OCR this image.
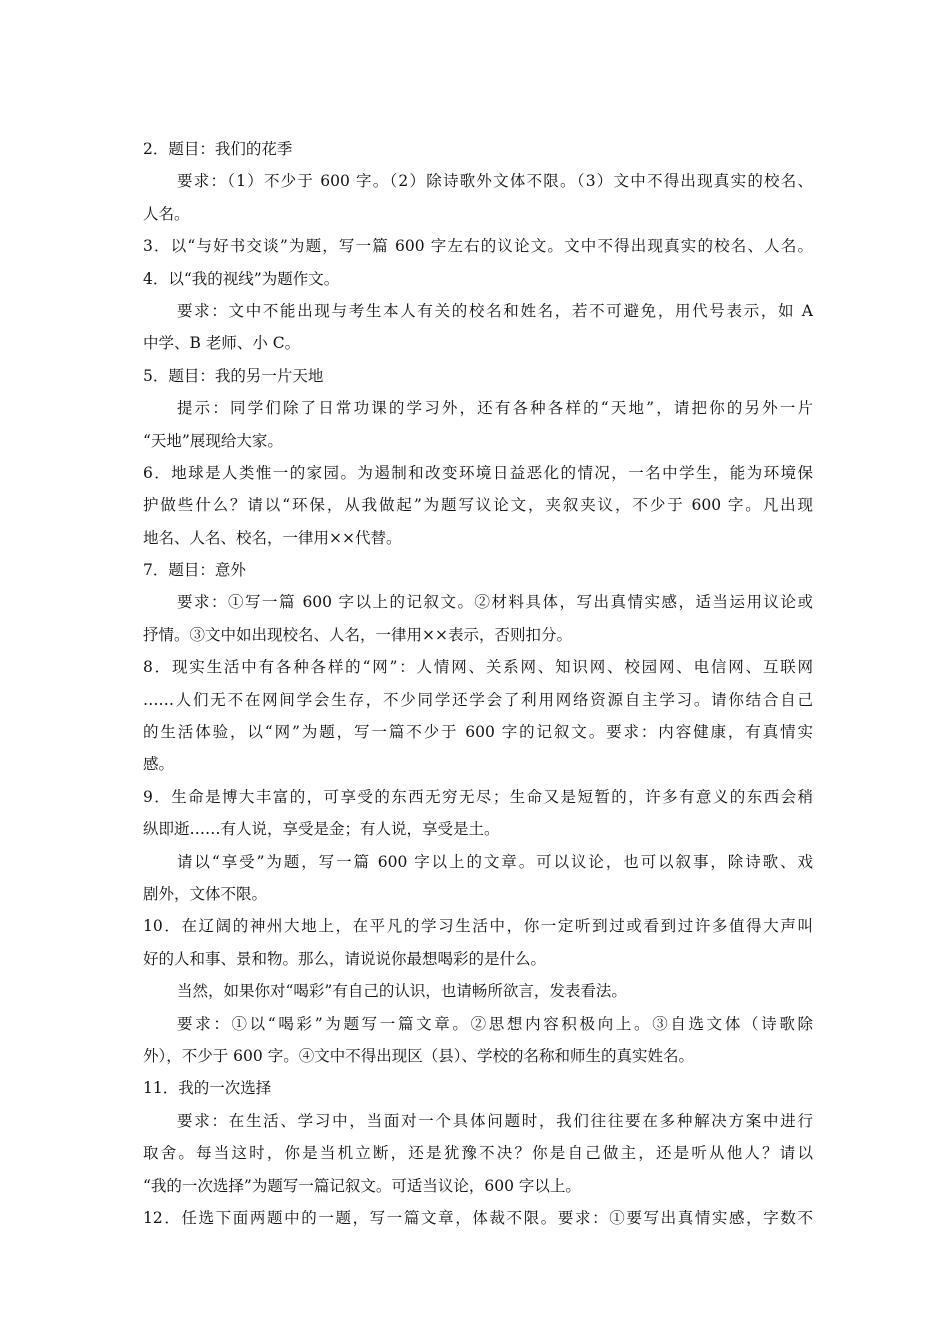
2．题目：我们的花季
要求：（1）不少于 600 字。（2）除诗歌外文体不限。（3）文中不得出现真实的校名、
人名。
3．以“与好书交谈”为题，写一篇 600 字左右的议论文。文中不得出现真实的校名、人名。
4．以“我的视线”为题作文。
要求：文中不能出现与考生本人有关的校名和姓名，若不可避免，用代号表示，如 A
中学、B 老师、小 C。
5．题目：我的另一片天地
提示：同学们除了日常功课的学习外，还有各种各样的“天地”，请把你的另外一片
“天地”展现给大家。
6．地球是人类惟一的家园。为遏制和改变环境日益恶化的情况，一名中学生，能为环境保
护做些什么？请以“环保，从我做起”为题写议论文，夹叙夹议，不少于 600 字。凡出现
地名、人名、校名，一律用××代替。
7．题目：意外
要求：①写一篇 600 字以上的记叙文。②材料具体，写出真情实感，适当运用议论或
抒情。③文中如出现校名、人名，一律用××表示，否则扣分。
8．现实生活中有各种各样的“网”：人情网、关系网、知识网、校园网、电信网、互联网
……人们无不在网间学会生存，不少同学还学会了利用网络资源自主学习。请你结合自己
的生活体验，以“网”为题，写一篇不少于 600 字的记叙文。要求：内容健康，有真情实
感。
9．生命是博大丰富的，可享受的东西无穷无尽；生命又是短暂的，许多有意义的东西会稍
纵即逝……有人说，享受是金；有人说，享受是土。
请以“享受”为题，写一篇 600 字以上的文章。可以议论，也可以叙事，除诗歌、戏
剧外，文体不限。
10．在辽阔的神州大地上，在平凡的学习生活中，你一定听到过或看到过许多值得大声叫
好的人和事、景和物。那么，请说说你最想喝彩的是什么。
当然，如果你对“喝彩”有自己的认识，也请畅所欲言，发表看法。
要求：①以“喝彩”为题写一篇文章。②思想内容积极向上。③自选文体（诗歌除
外），不少于 600 字。④文中不得出现区（县）、学校的名称和师生的真实姓名。
11．我的一次选择
要求：在生活、学习中，当面对一个具体问题时，我们往往要在多种解决方案中进行
取舍。每当这时，你是当机立断，还是犹豫不决？你是自己做主，还是听从他人？请以
“我的一次选择”为题写一篇记叙文。可适当议论，600 字以上。
12．任选下面两题中的一题，写一篇文章，体裁不限。要求：①要写出真情实感，字数不
